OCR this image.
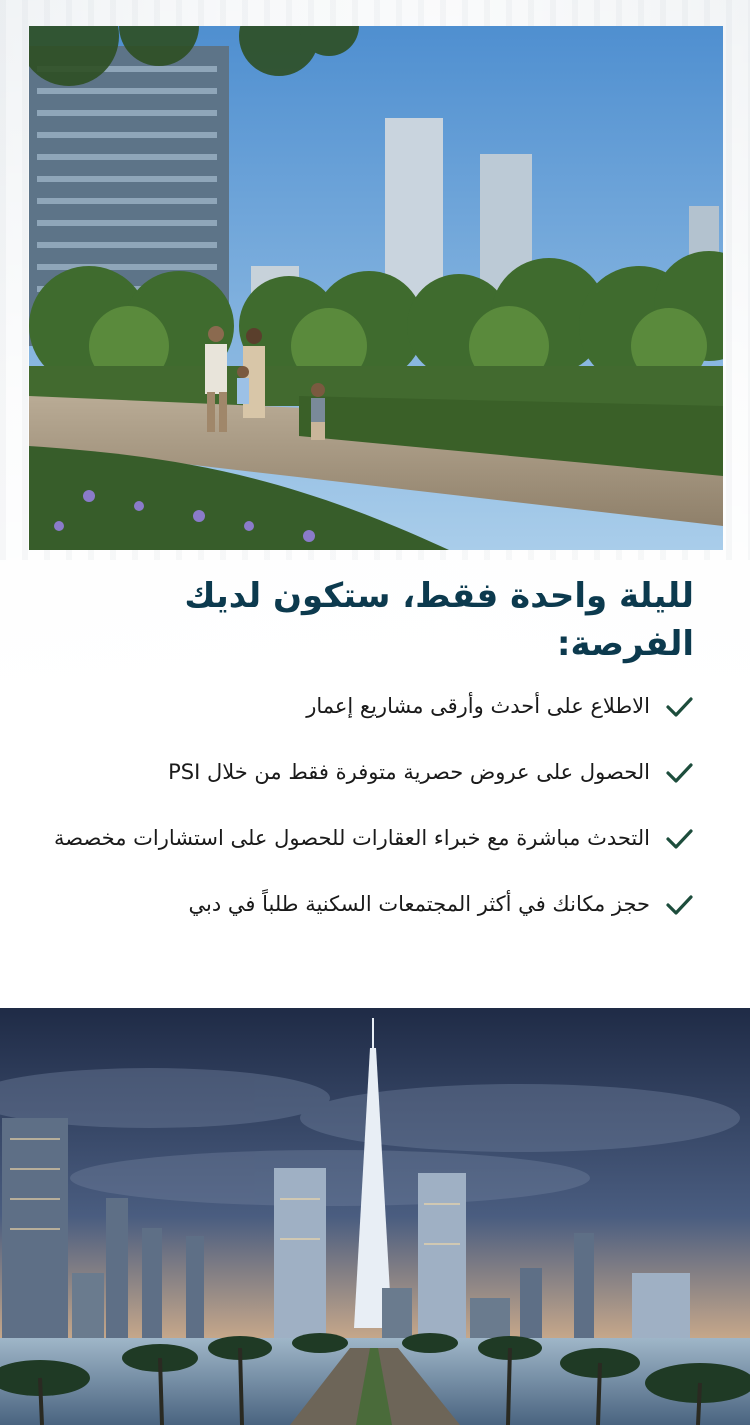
لليلة واحدة فقط، ستكون لديك الفرصة:
الاطلاع على أحدث وأرقى مشاريع إعمار
الحصول على عروض حصرية متوفرة فقط من خلال PSI
التحدث مباشرة مع خبراء العقارات للحصول على استشارات مخصصة
حجز مكانك في أكثر المجتمعات السكنية طلباً في دبي
